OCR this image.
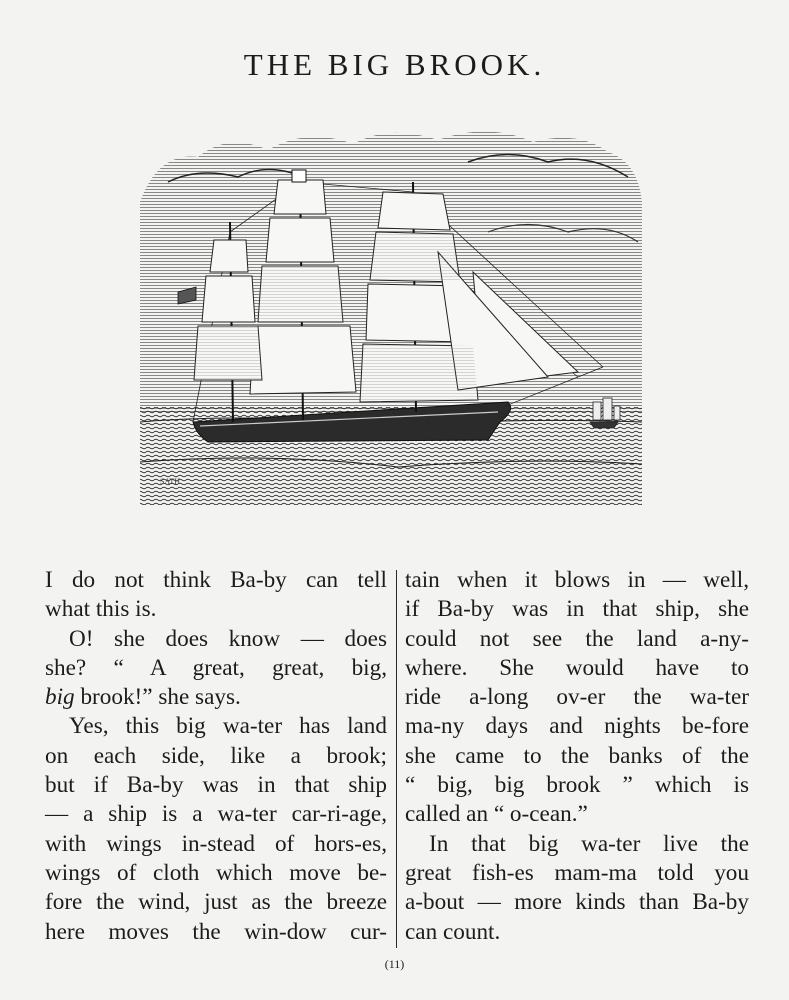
THE BIG BROOK.
SATH
I do not think Ba-by can tell
what this is.
O! she does know — does
she? “ A great, great, big,
big brook!” she says.
Yes, this big wa-ter has land
on each side, like a brook;
but if Ba-by was in that ship
— a ship is a wa-ter car-ri-age,
with wings in-stead of hors-es,
wings of cloth which move be-
fore the wind, just as the breeze
here moves the win-dow cur-
tain when it blows in — well,
if Ba-by was in that ship, she
could not see the land a-ny-
where. She would have to
ride a-long ov-er the wa-ter
ma-ny days and nights be-fore
she came to the banks of the
“ big, big brook ” which is
called an “ o-cean.”
In that big wa-ter live the
great fish-es mam-ma told you
a-bout — more kinds than Ba-by
can count.
(11)
